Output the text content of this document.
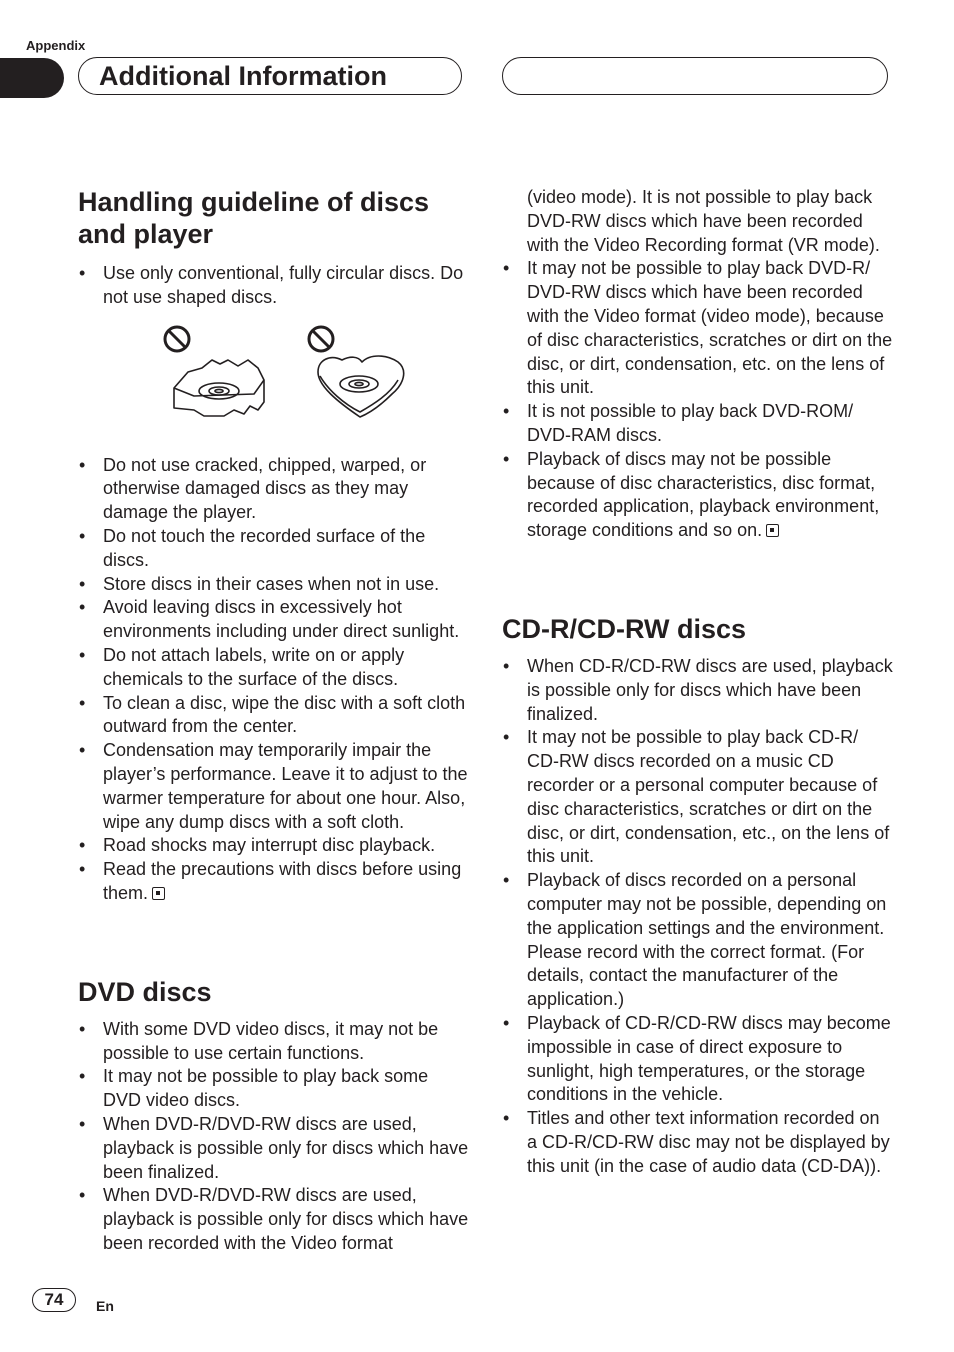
Appendix
Additional Information
Handling guideline of discs and player
• Use only conventional, fully circular discs. Do not use shaped discs.
• Do not use cracked, chipped, warped, or otherwise damaged discs as they may damage the player.
• Do not touch the recorded surface of the discs.
• Store discs in their cases when not in use.
• Avoid leaving discs in excessively hot environments including under direct sunlight.
• Do not attach labels, write on or apply chemicals to the surface of the discs.
• To clean a disc, wipe the disc with a soft cloth outward from the center.
• Condensation may temporarily impair the player’s performance. Leave it to adjust to the warmer temperature for about one hour. Also, wipe any dump discs with a soft cloth.
• Road shocks may interrupt disc playback.
• Read the precautions with discs before using them.
DVD discs
• With some DVD video discs, it may not be possible to use certain functions.
• It may not be possible to play back some DVD video discs.
• When DVD-R/DVD-RW discs are used, playback is possible only for discs which have been finalized.
• When DVD-R/DVD-RW discs are used, playback is possible only for discs which have been recorded with the Video format
(video mode). It is not possible to play back DVD-RW discs which have been recorded with the Video Recording format (VR mode).
• It may not be possible to play back DVD-R/ DVD-RW discs which have been recorded with the Video format (video mode), because of disc characteristics, scratches or dirt on the disc, or dirt, condensation, etc. on the lens of this unit.
• It is not possible to play back DVD-ROM/ DVD-RAM discs.
• Playback of discs may not be possible because of disc characteristics, disc format, recorded application, playback environment, storage conditions and so on.
CD-R/CD-RW discs
• When CD-R/CD-RW discs are used, playback is possible only for discs which have been finalized.
• It may not be possible to play back CD-R/ CD-RW discs recorded on a music CD recorder or a personal computer because of disc characteristics, scratches or dirt on the disc, or dirt, condensation, etc., on the lens of this unit.
• Playback of discs recorded on a personal computer may not be possible, depending on the application settings and the environment. Please record with the correct format. (For details, contact the manufacturer of the application.)
• Playback of CD-R/CD-RW discs may become impossible in case of direct exposure to sunlight, high temperatures, or the storage conditions in the vehicle.
• Titles and other text information recorded on a CD-R/CD-RW disc may not be displayed by this unit (in the case of audio data (CD-DA)).
74	En
